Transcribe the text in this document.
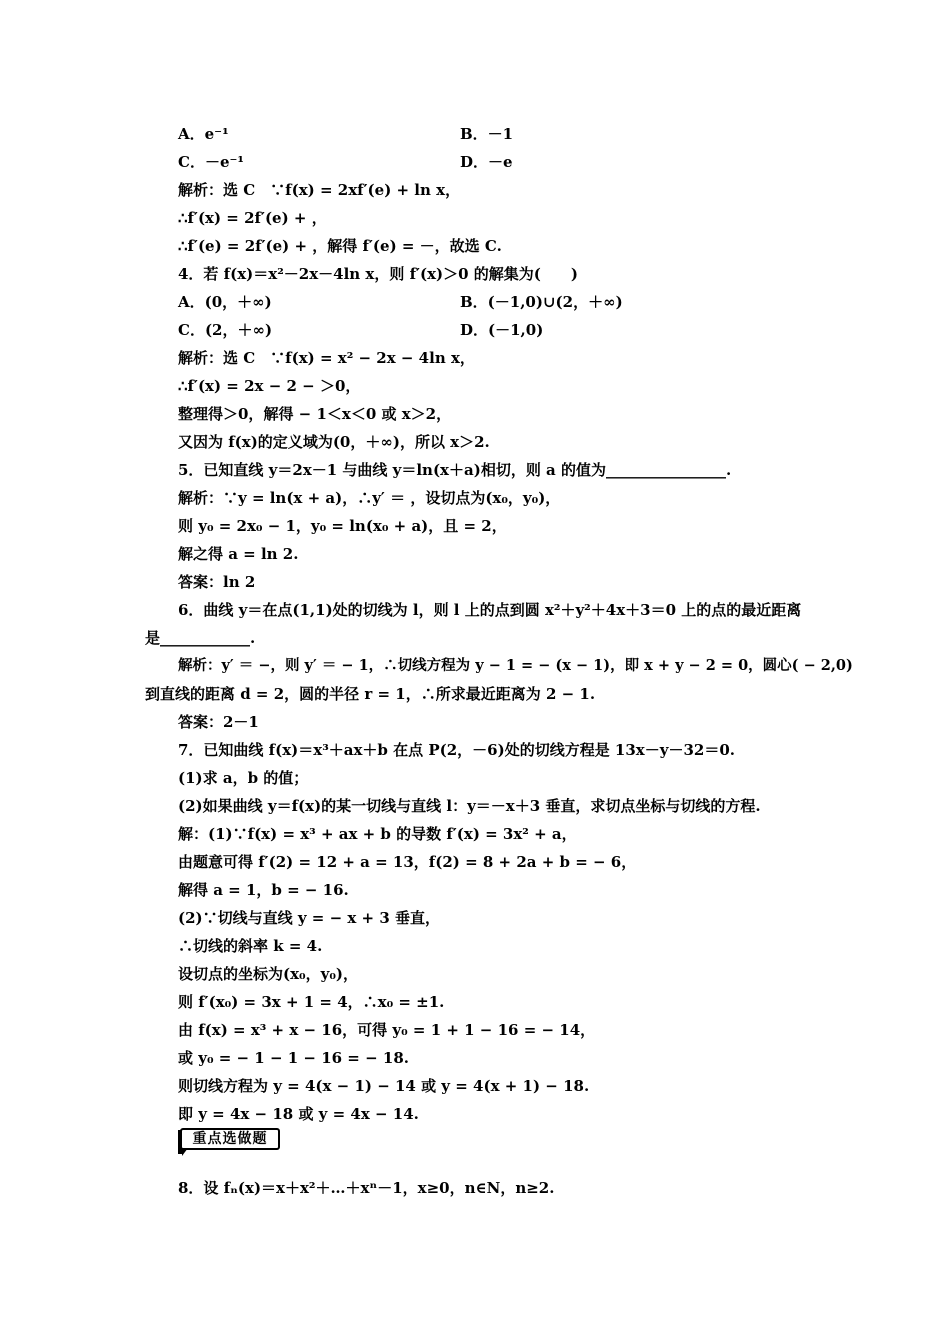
A．e⁻¹	B．－1
C．－e⁻¹	D．－e
解析：选 C　∵f(x) = 2xf′(e) + ln x，
∴f′(x) = 2f′(e) + ，
∴f′(e) = 2f′(e) + ，解得 f′(e) = －，故选 C.
4．若 f(x)＝x²－2x－4ln x，则 f′(x)＞0 的解集为(　　)
A．(0，＋∞)	B．(－1,0)∪(2，＋∞)
C．(2，＋∞)	D．(－1,0)
解析：选 C　∵f(x) = x² − 2x − 4ln x，
∴f′(x) = 2x − 2 − ＞0，
整理得＞0，解得 − 1＜x＜0 或 x＞2，
又因为 f(x)的定义域为(0，＋∞)，所以 x＞2.
5．已知直线 y＝2x－1 与曲线 y＝ln(x＋a)相切，则 a 的值为________________.
解析：∵y = ln(x + a)，∴y′ ＝ ，设切点为(x₀，y₀)，
则 y₀ = 2x₀ − 1，y₀ = ln(x₀ + a)，且 = 2，
解之得 a = ln 2.
答案：ln 2
6．曲线 y＝在点(1,1)处的切线为 l，则 l 上的点到圆 x²＋y²＋4x＋3＝0 上的点的最近距离
是____________.
解析：y′ ＝ −，则 y′ ＝ − 1，∴切线方程为 y − 1 = − (x − 1)，即 x + y − 2 = 0，圆心( − 2,0)
到直线的距离 d = 2，圆的半径 r = 1，∴所求最近距离为 2 − 1.
答案：2－1
7．已知曲线 f(x)＝x³＋ax＋b 在点 P(2，－6)处的切线方程是 13x－y－32＝0.
(1)求 a，b 的值；
(2)如果曲线 y＝f(x)的某一切线与直线 l：y＝－x＋3 垂直，求切点坐标与切线的方程.
解：(1)∵f(x) = x³ + ax + b 的导数 f′(x) = 3x² + a，
由题意可得 f′(2) = 12 + a = 13，f(2) = 8 + 2a + b = − 6，
解得 a = 1，b = − 16.
(2)∵切线与直线 y = − x + 3 垂直，
∴切线的斜率 k = 4.
设切点的坐标为(x₀，y₀)，
则 f′(x₀) = 3x + 1 = 4，∴x₀ = ±1.
由 f(x) = x³ + x − 16，可得 y₀ = 1 + 1 − 16 = − 14，
或 y₀ = − 1 − 1 − 16 = − 18.
则切线方程为 y = 4(x − 1) − 14 或 y = 4(x + 1) − 18.
即 y = 4x − 18 或 y = 4x − 14.
重点选做题
8．设 fₙ(x)＝x＋x²＋…＋xⁿ－1，x≥0，n∈N，n≥2.
